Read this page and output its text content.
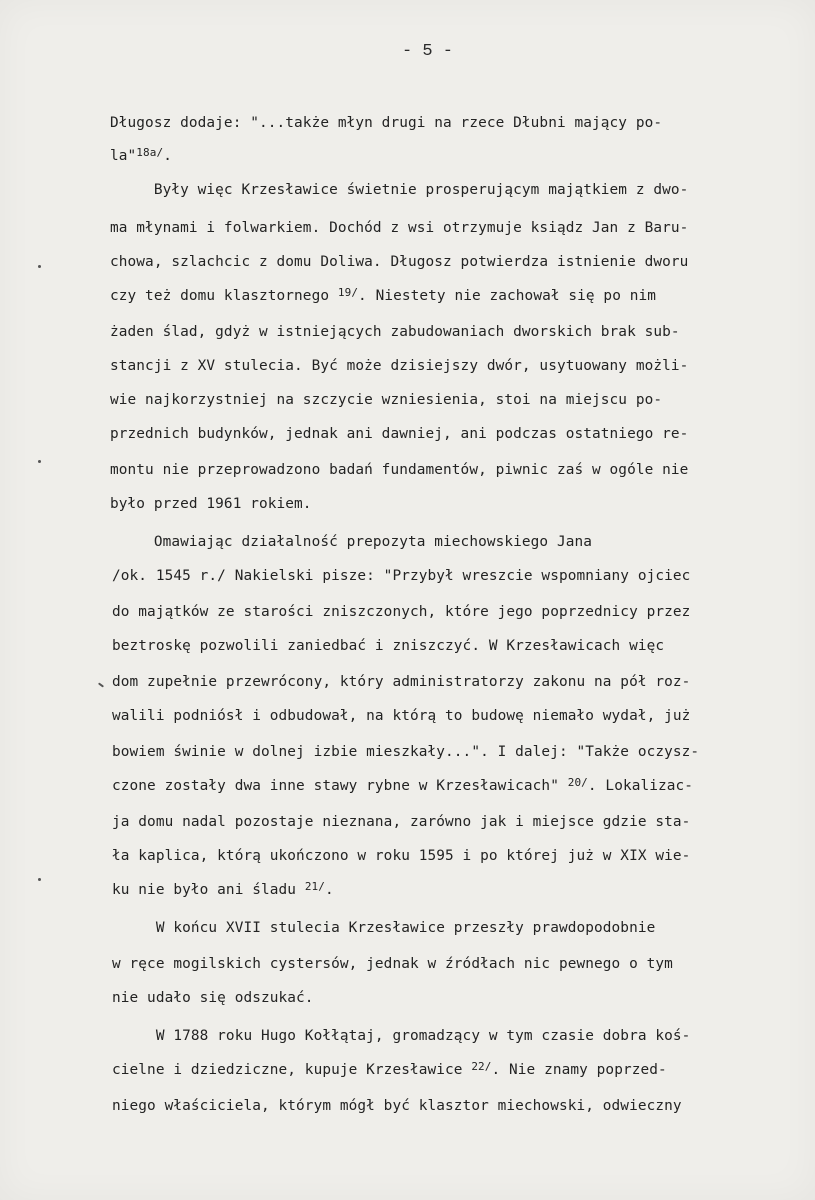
- 5 -
Długosz dodaje: "...także młyn drugi na rzece Dłubni mający po-
la"$^{18a/}$.
Były więc Krzesławice świetnie prosperującym majątkiem z dwo-
ma młynami i folwarkiem. Dochód z wsi otrzymuje ksiądz Jan z Baru-
chowa, szlachcic z domu Doliwa. Długosz potwierdza istnienie dworu
czy też domu klasztornego $^{19/}$. Niestety nie zachował się po nim
żaden ślad, gdyż w istniejących zabudowaniach dworskich brak sub-
stancji z XV stulecia. Być może dzisiejszy dwór, usytuowany możli-
wie najkorzystniej na szczycie wzniesienia, stoi na miejscu po-
przednich budynków, jednak ani dawniej, ani podczas ostatniego re-
montu nie przeprowadzono badań fundamentów, piwnic zaś w ogóle nie
było przed 1961 rokiem.
Omawiając działalność prepozyta miechowskiego Jana
/ok. 1545 r./ Nakielski pisze: "Przybył wreszcie wspomniany ojciec
do majątków ze starości zniszczonych, które jego poprzednicy przez
beztroskę pozwolili zaniedbać i zniszczyć. W Krzesławicach więc
dom zupełnie przewrócony, który administratorzy zakonu na pół roz-
walili podniósł i odbudował, na którą to budowę niemało wydał, już
bowiem świnie w dolnej izbie mieszkały...". I dalej: "Także oczysz-
czone zostały dwa inne stawy rybne w Krzesławicach" $^{20/}$. Lokalizac-
ja domu nadal pozostaje nieznana, zarówno jak i miejsce gdzie sta-
ła kaplica, którą ukończono w roku 1595 i po której już w XIX wie-
ku nie było ani śladu $^{21/}$.
W końcu XVII stulecia Krzesławice przeszły prawdopodobnie
w ręce mogilskich cystersów, jednak w źródłach nic pewnego o tym
nie udało się odszukać.
W 1788 roku Hugo Kołłątaj, gromadzący w tym czasie dobra koś-
cielne i dziedziczne, kupuje Krzesławice $^{22/}$. Nie znamy poprzed-
niego właściciela, którym mógł być klasztor miechowski, odwieczny
